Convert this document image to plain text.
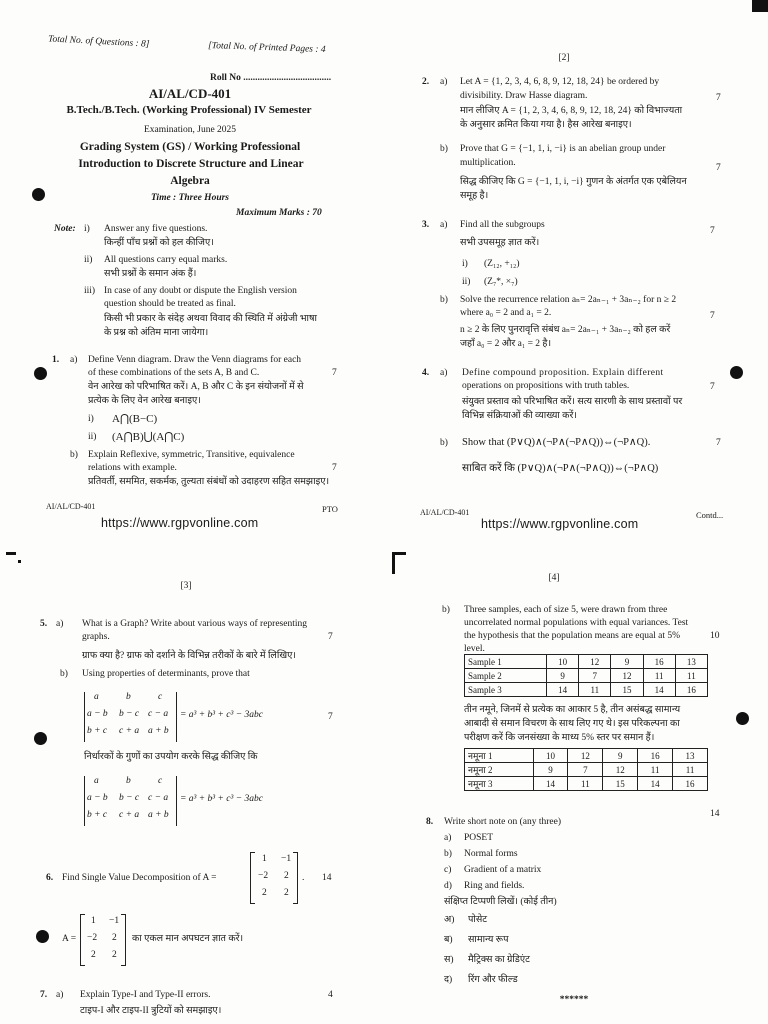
Total No. of Questions : 8]	[Total No. of Printed Pages : 4
Roll No .....................................
AI/AL/CD-401
B.Tech./B.Tech. (Working Professional) IV Semester
Examination, June 2025
Grading System (GS) / Working Professional
Introduction to Discrete Structure and Linear
Algebra
Time : Three Hours
Maximum Marks : 70
Note: i) Answer any five questions.
किन्हीं पाँच प्रश्नों को हल कीजिए।
ii) All questions carry equal marks.
सभी प्रश्नों के समान अंक हैं।
iii) In case of any doubt or dispute the English version
question should be treated as final.
किसी भी प्रकार के संदेह अथवा विवाद की स्थिति में अंग्रेजी भाषा
के प्रश्न को अंतिम माना जायेगा।
1. a) Define Venn diagram. Draw the Venn diagrams for each
of these combinations of the sets A, B and C.	7
वेन आरेख को परिभाषित करें। A, B और C के इन संयोजनों में से
प्रत्येक के लिए वेन आरेख बनाइए।
i) A⋂(B−C)
ii) (A⋂B)⋃(A⋂C)
b) Explain Reflexive, symmetric, Transitive, equivalence
relations with example.	7
प्रतिवर्ती, सममित, सकर्मक, तुल्यता संबंधों को उदाहरण सहित समझाइए।
AI/AL/CD-401	PTO
https://www.rgpvonline.com
[2]
2. a) Let A = {1, 2, 3, 4, 6, 8, 9, 12, 18, 24} be ordered by
divisibility. Draw Hasse diagram.	7
मान लीजिए A = {1, 2, 3, 4, 6, 8, 9, 12, 18, 24} को विभाज्यता
के अनुसार क्रमित किया गया है। हैस आरेख बनाइए।
b) Prove that G = {−1, 1, i, −i} is an abelian group under
multiplication.	7
सिद्ध कीजिए कि G = {−1, 1, i, −i} गुणन के अंतर्गत एक एबेलियन
समूह है।
3. a) Find all the subgroups
7
सभी उपसमूह ज्ञात करें।
i) (Z₁₂, +₁₂)
ii) (Z₇*, ×₇)
b) Solve the recurrence relation aₙ= 2aₙ₋₁ + 3aₙ₋₂ for n ≥ 2
where a₀ = 2 and a₁ = 2.	7
n ≥ 2 के लिए पुनरावृत्ति संबंध aₙ= 2aₙ₋₁ + 3aₙ₋₂ को हल करें
जहाँ a₀ = 2 और a₁ = 2 है।
4. a) Define compound proposition. Explain different
operations on propositions with truth tables.	7
संयुक्त प्रस्ताव को परिभाषित करें। सत्य सारणी के साथ प्रस्तावों पर
विभिन्न संक्रियाओं की व्याख्या करें।
b) Show that (P∨Q)∧(¬P∧(¬P∧Q))⇔(¬P∧Q).	7
साबित करें कि (P∨Q)∧(¬P∧(¬P∧Q))⇔(¬P∧Q)
AI/AL/CD-401	Contd...
https://www.rgpvonline.com
[3]
5. a) What is a Graph? Write about various ways of representing
graphs.	7
ग्राफ क्या है? ग्राफ को दर्शाने के विभिन्न तरीकों के बारे में लिखिए।
b) Using properties of determinants, prove that
a	b	c
a − b b − c c − a
b + c c + a a + b
= a³ + b³ + c³ − 3abc	7
निर्धारकों के गुणों का उपयोग करके सिद्ध कीजिए कि
a	b	c
a − b b − c c − a
b + c c + a a + b
= a³ + b³ + c³ − 3abc
6. Find Single Value Decomposition of A =
1 −1
−2 2
2 2
. 14
A =
1 −1
−2 2
2 2
का एकल मान अपघटन ज्ञात करें।
7. a) Explain Type-I and Type-II errors.	4
टाइप-I और टाइप-II त्रुटियों को समझाइए।
[4]
b) Three samples, each of size 5, were drawn from three
uncorrelated normal populations with equal variances. Test
the hypothesis that the population means are equal at 5%	10
level.
Sample 1	10	12	9	16	13
Sample 2	9	7	12	11	11
Sample 3	14	11	15	14	16
तीन नमूने, जिनमें से प्रत्येक का आकार 5 है, तीन असंबद्ध सामान्य
आबादी से समान विचरण के साथ लिए गए थे। इस परिकल्पना का
परीक्षण करें कि जनसंख्या के माध्य 5% स्तर पर समान हैं।
नमूना 1	10	12	9	16	13
नमूना 2	9	7	12	11	11
नमूना 3	14	11	15	14	16
14
8. Write short note on (any three)
a) POSET
b) Normal forms
c) Gradient of a matrix
d) Ring and fields.
संक्षिप्त टिप्पणी लिखें। (कोई तीन)
अ) पोसेट
ब) सामान्य रूप
स) मैट्रिक्स का ग्रेडिएंट
द) रिंग और फील्ड
******
